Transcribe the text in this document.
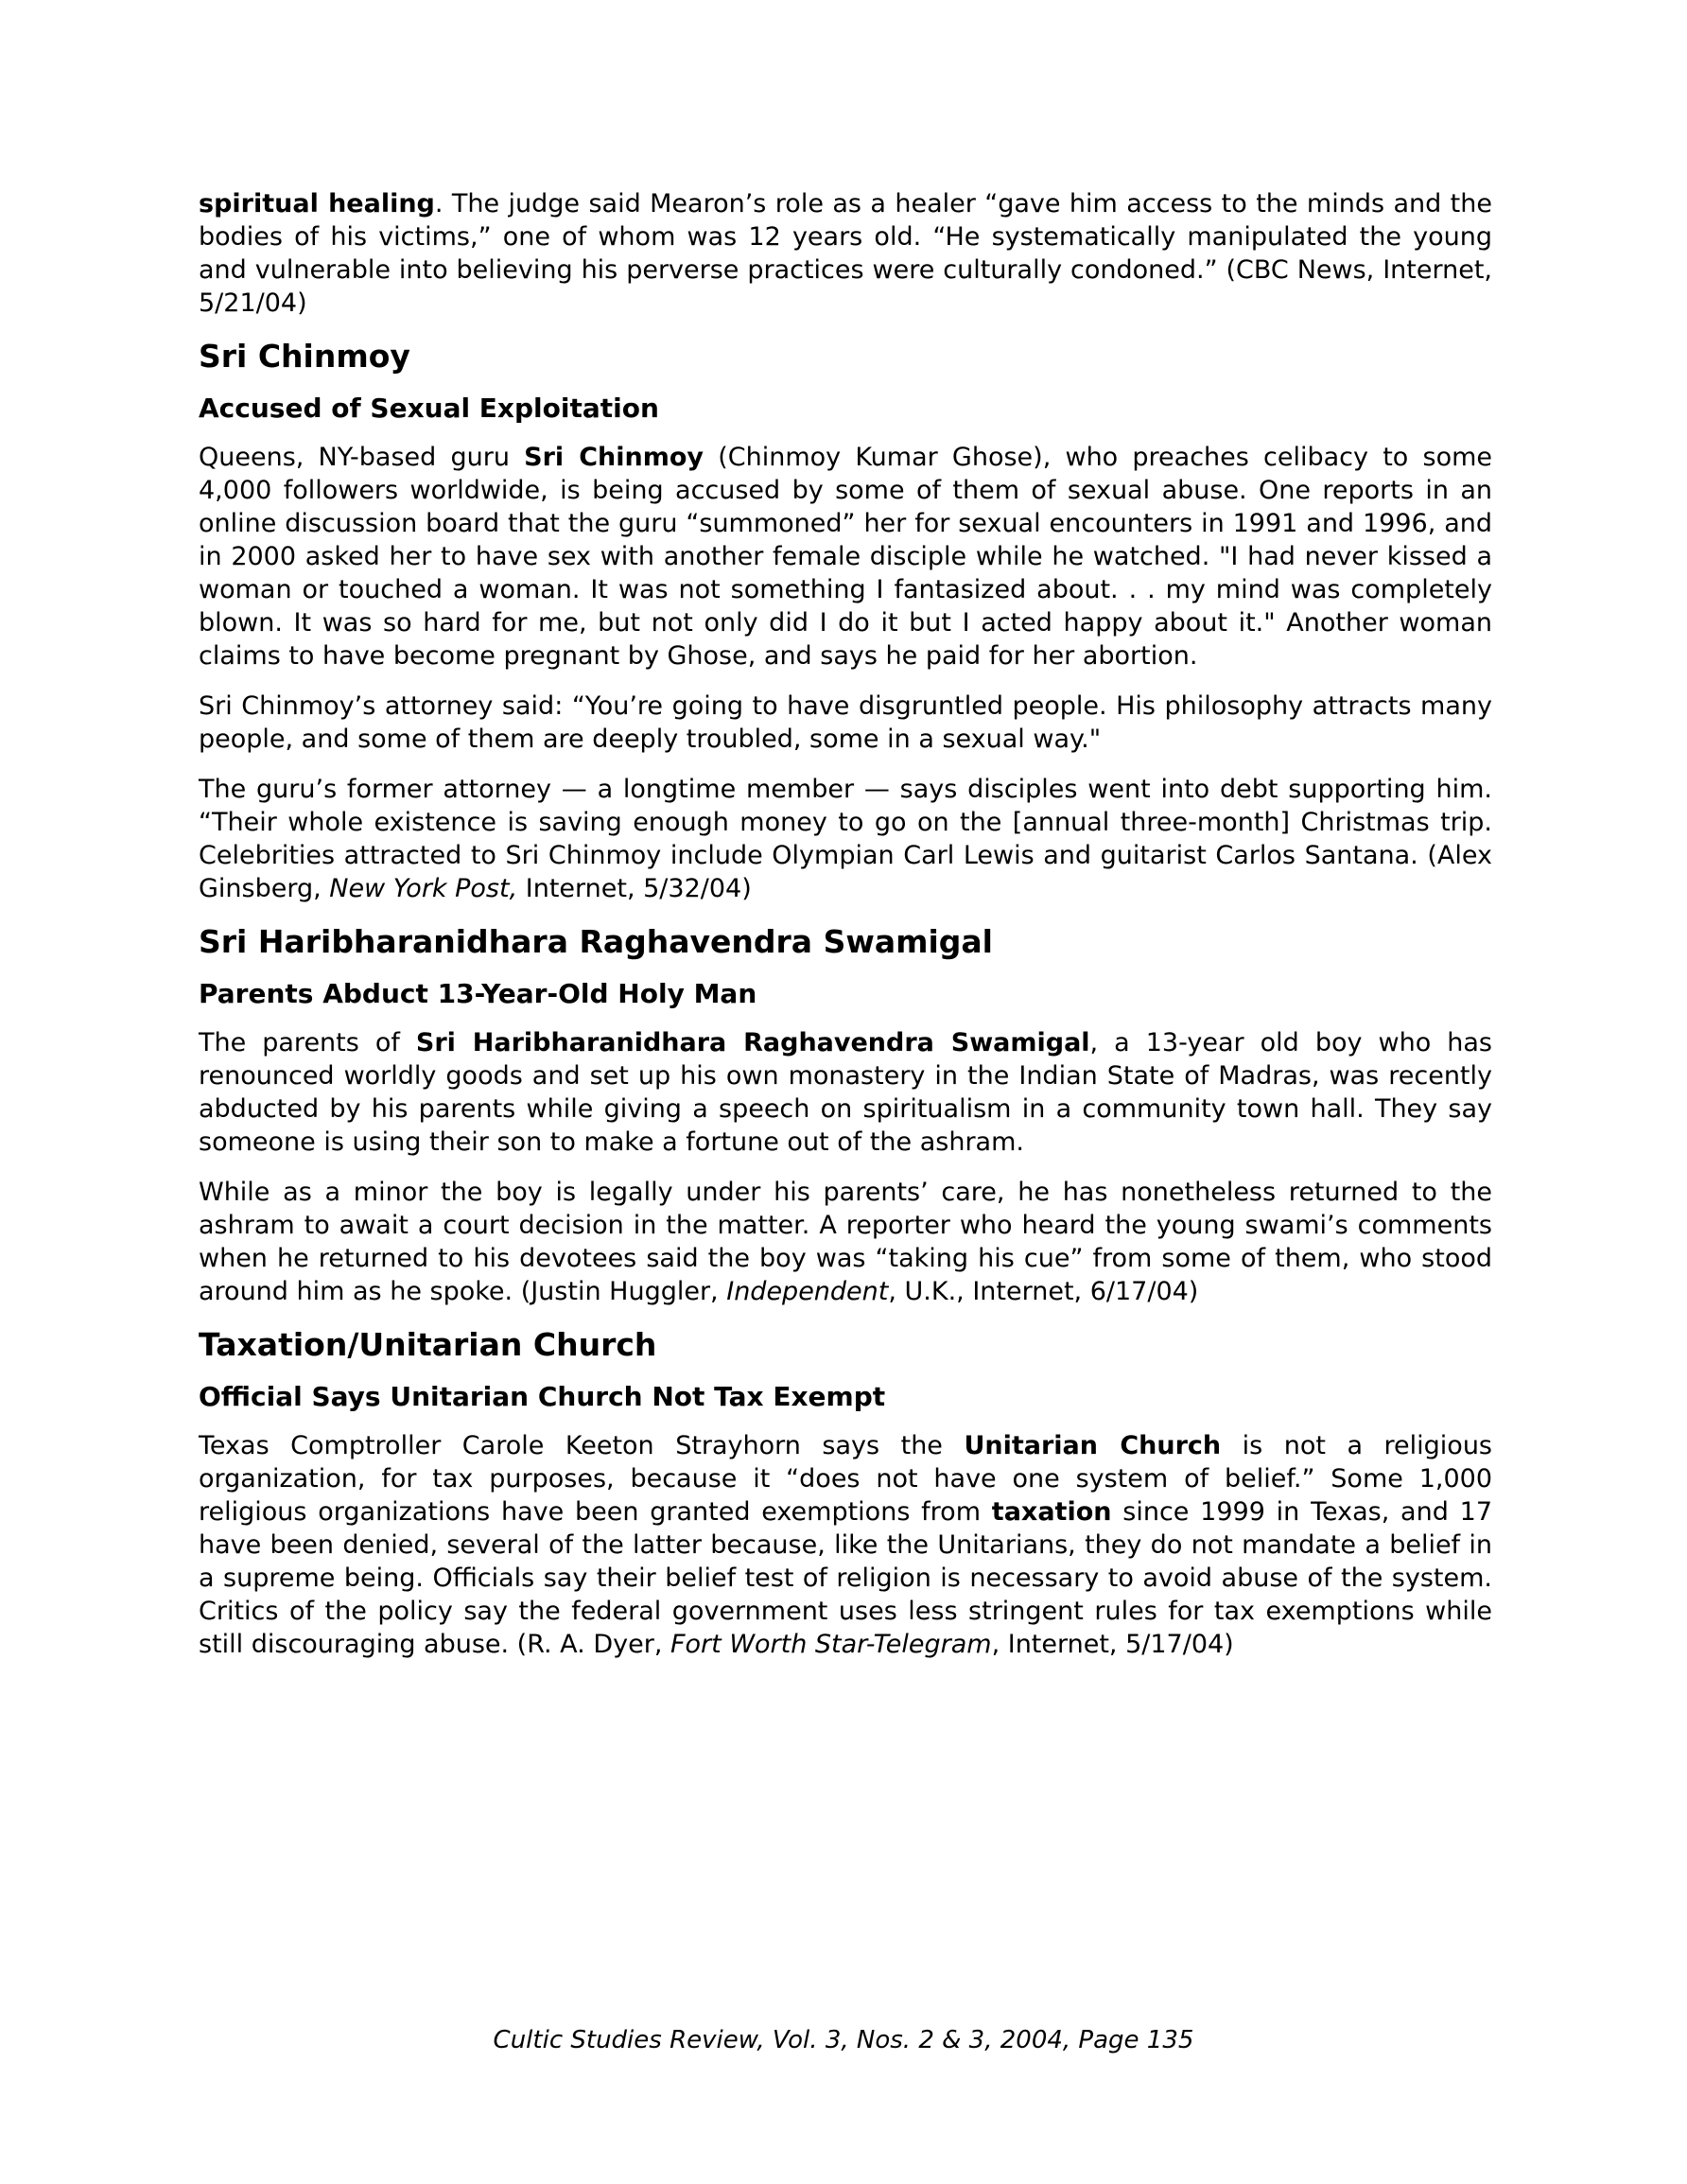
spiritual healing. The judge said Mearon’s role as a healer “gave him access to the minds and the bodies of his victims,” one of whom was 12 years old. “He systematically manipulated the young and vulnerable into believing his perverse practices were culturally condoned.” (CBC News, Internet, 5/21/04)

Sri Chinmoy
Accused of Sexual Exploitation

Queens, NY-based guru Sri Chinmoy (Chinmoy Kumar Ghose), who preaches celibacy to some 4,000 followers worldwide, is being accused by some of them of sexual abuse. One reports in an online discussion board that the guru “summoned” her for sexual encounters in 1991 and 1996, and in 2000 asked her to have sex with another female disciple while he watched. "I had never kissed a woman or touched a woman. It was not something I fantasized about. . . my mind was completely blown. It was so hard for me, but not only did I do it but I acted happy about it." Another woman claims to have become pregnant by Ghose, and says he paid for her abortion.

Sri Chinmoy’s attorney said: “You’re going to have disgruntled people. His philosophy attracts many people, and some of them are deeply troubled, some in a sexual way."

The guru’s former attorney — a longtime member — says disciples went into debt supporting him. “Their whole existence is saving enough money to go on the [annual three-month] Christmas trip. Celebrities attracted to Sri Chinmoy include Olympian Carl Lewis and guitarist Carlos Santana. (Alex Ginsberg, New York Post, Internet, 5/32/04)

Sri Haribharanidhara Raghavendra Swamigal
Parents Abduct 13-Year-Old Holy Man

The parents of Sri Haribharanidhara Raghavendra Swamigal, a 13-year old boy who has renounced worldly goods and set up his own monastery in the Indian State of Madras, was recently abducted by his parents while giving a speech on spiritualism in a community town hall. They say someone is using their son to make a fortune out of the ashram.

While as a minor the boy is legally under his parents’ care, he has nonetheless returned to the ashram to await a court decision in the matter. A reporter who heard the young swami’s comments when he returned to his devotees said the boy was “taking his cue” from some of them, who stood around him as he spoke. (Justin Huggler, Independent, U.K., Internet, 6/17/04)

Taxation/Unitarian Church
Official Says Unitarian Church Not Tax Exempt

Texas Comptroller Carole Keeton Strayhorn says the Unitarian Church is not a religious organization, for tax purposes, because it “does not have one system of belief.” Some 1,000 religious organizations have been granted exemptions from taxation since 1999 in Texas, and 17 have been denied, several of the latter because, like the Unitarians, they do not mandate a belief in a supreme being. Officials say their belief test of religion is necessary to avoid abuse of the system. Critics of the policy say the federal government uses less stringent rules for tax exemptions while still discouraging abuse. (R. A. Dyer, Fort Worth Star-Telegram, Internet, 5/17/04)

Cultic Studies Review, Vol. 3, Nos. 2 & 3, 2004, Page 135
